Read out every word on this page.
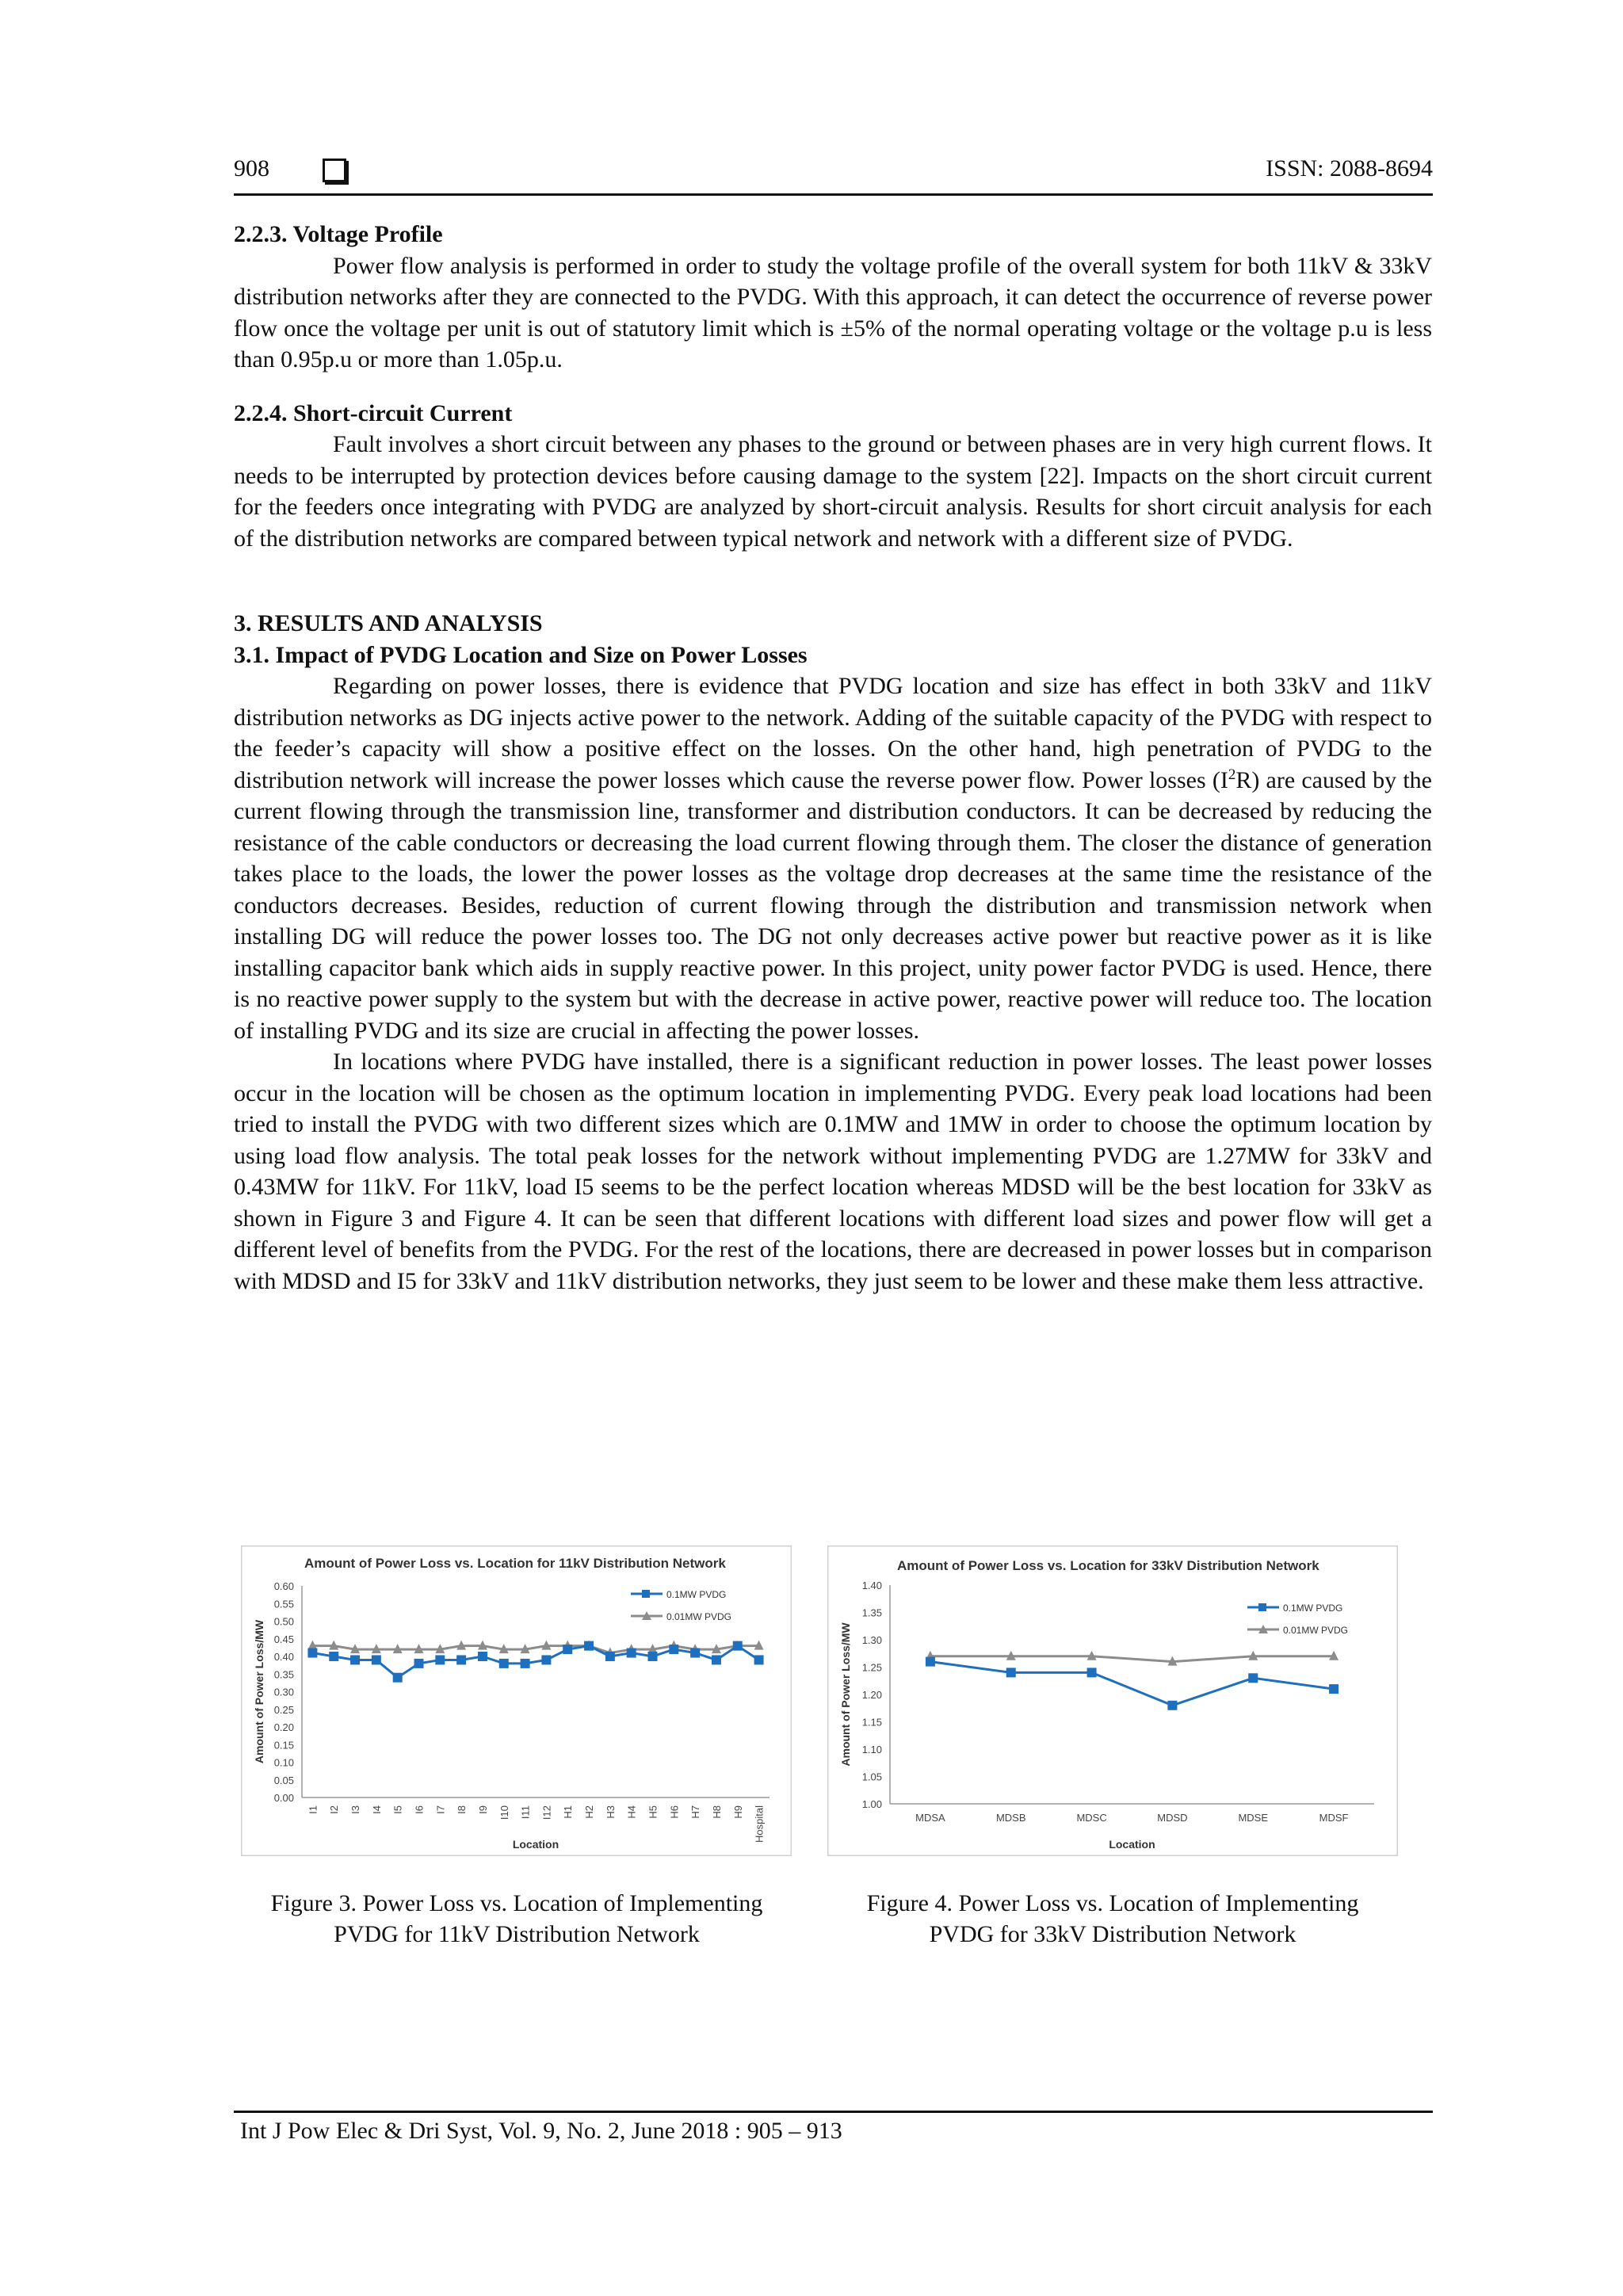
908	ISSN: 2088-8694

2.2.3. Voltage Profile

Power flow analysis is performed in order to study the voltage profile of the overall system for both 11kV & 33kV distribution networks after they are connected to the PVDG. With this approach, it can detect the occurrence of reverse power flow once the voltage per unit is out of statutory limit which is ±5% of the normal operating voltage or the voltage p.u is less than 0.95p.u or more than 1.05p.u.

2.2.4. Short-circuit Current

Fault involves a short circuit between any phases to the ground or between phases are in very high current flows. It needs to be interrupted by protection devices before causing damage to the system [22]. Impacts on the short circuit current for the feeders once integrating with PVDG are analyzed by short-circuit analysis. Results for short circuit analysis for each of the distribution networks are compared between typical network and network with a different size of PVDG.

3. RESULTS AND ANALYSIS

3.1. Impact of PVDG Location and Size on Power Losses

Regarding on power losses, there is evidence that PVDG location and size has effect in both 33kV and 11kV distribution networks as DG injects active power to the network. Adding of the suitable capacity of the PVDG with respect to the feeder’s capacity will show a positive effect on the losses. On the other hand, high penetration of PVDG to the distribution network will increase the power losses which cause the reverse power flow. Power losses $(I^2R)$ are caused by the current flowing through the transmission line, transformer and distribution conductors. It can be decreased by reducing the resistance of the cable conductors or decreasing the load current flowing through them. The closer the distance of generation takes place to the loads, the lower the power losses as the voltage drop decreases at the same time the resistance of the conductors decreases. Besides, reduction of current flowing through the distribution and transmission network when installing DG will reduce the power losses too. The DG not only decreases active power but reactive power as it is like installing capacitor bank which aids in supply reactive power. In this project, unity power factor PVDG is used. Hence, there is no reactive power supply to the system but with the decrease in active power, reactive power will reduce too. The location of installing PVDG and its size are crucial in affecting the power losses.

In locations where PVDG have installed, there is a significant reduction in power losses. The least power losses occur in the location will be chosen as the optimum location in implementing PVDG. Every peak load locations had been tried to install the PVDG with two different sizes which are 0.1MW and 1MW in order to choose the optimum location by using load flow analysis. The total peak losses for the network without implementing PVDG are 1.27MW for 33kV and 0.43MW for 11kV. For 11kV, load I5 seems to be the perfect location whereas MDSD will be the best location for 33kV as shown in Figure 3 and Figure 4. It can be seen that different locations with different load sizes and power flow will get a different level of benefits from the PVDG. For the rest of the locations, there are decreased in power losses but in comparison with MDSD and I5 for 33kV and 11kV distribution networks, they just seem to be lower and these make them less attractive.

Amount of Power Loss vs. Location for 11kV Distribution Network
0.00
0.05
0.10
0.15
0.20
0.25
0.30
0.35
0.40
0.45
0.50
0.55
0.60
I1 I2 I3 I4 I5 I6 I7 I8 I9 I10 I11 I12 H1 H2 H3 H4 H5 H6 H7 H8 H9 Hospital
Location
Amount of Power Loss/MW
0.1MW PVDG
0.01MW PVDG
Amount of Power Loss vs. Location for 33kV Distribution Network
1.00
1.05
1.10
1.15
1.20
1.25
1.30
1.35
1.40
MDSA	MDSB	MDSC	MDSD	MDSE	MDSF
Location
Amount of Power Loss/MW
0.1MW PVDG
0.01MW PVDG
Figure 3. Power Loss vs. Location of Implementing
PVDG for 11kV Distribution Network
Figure 4. Power Loss vs. Location of Implementing
PVDG for 33kV Distribution Network
Int J Pow Elec & Dri Syst, Vol. 9, No. 2, June 2018 : 905 – 913
